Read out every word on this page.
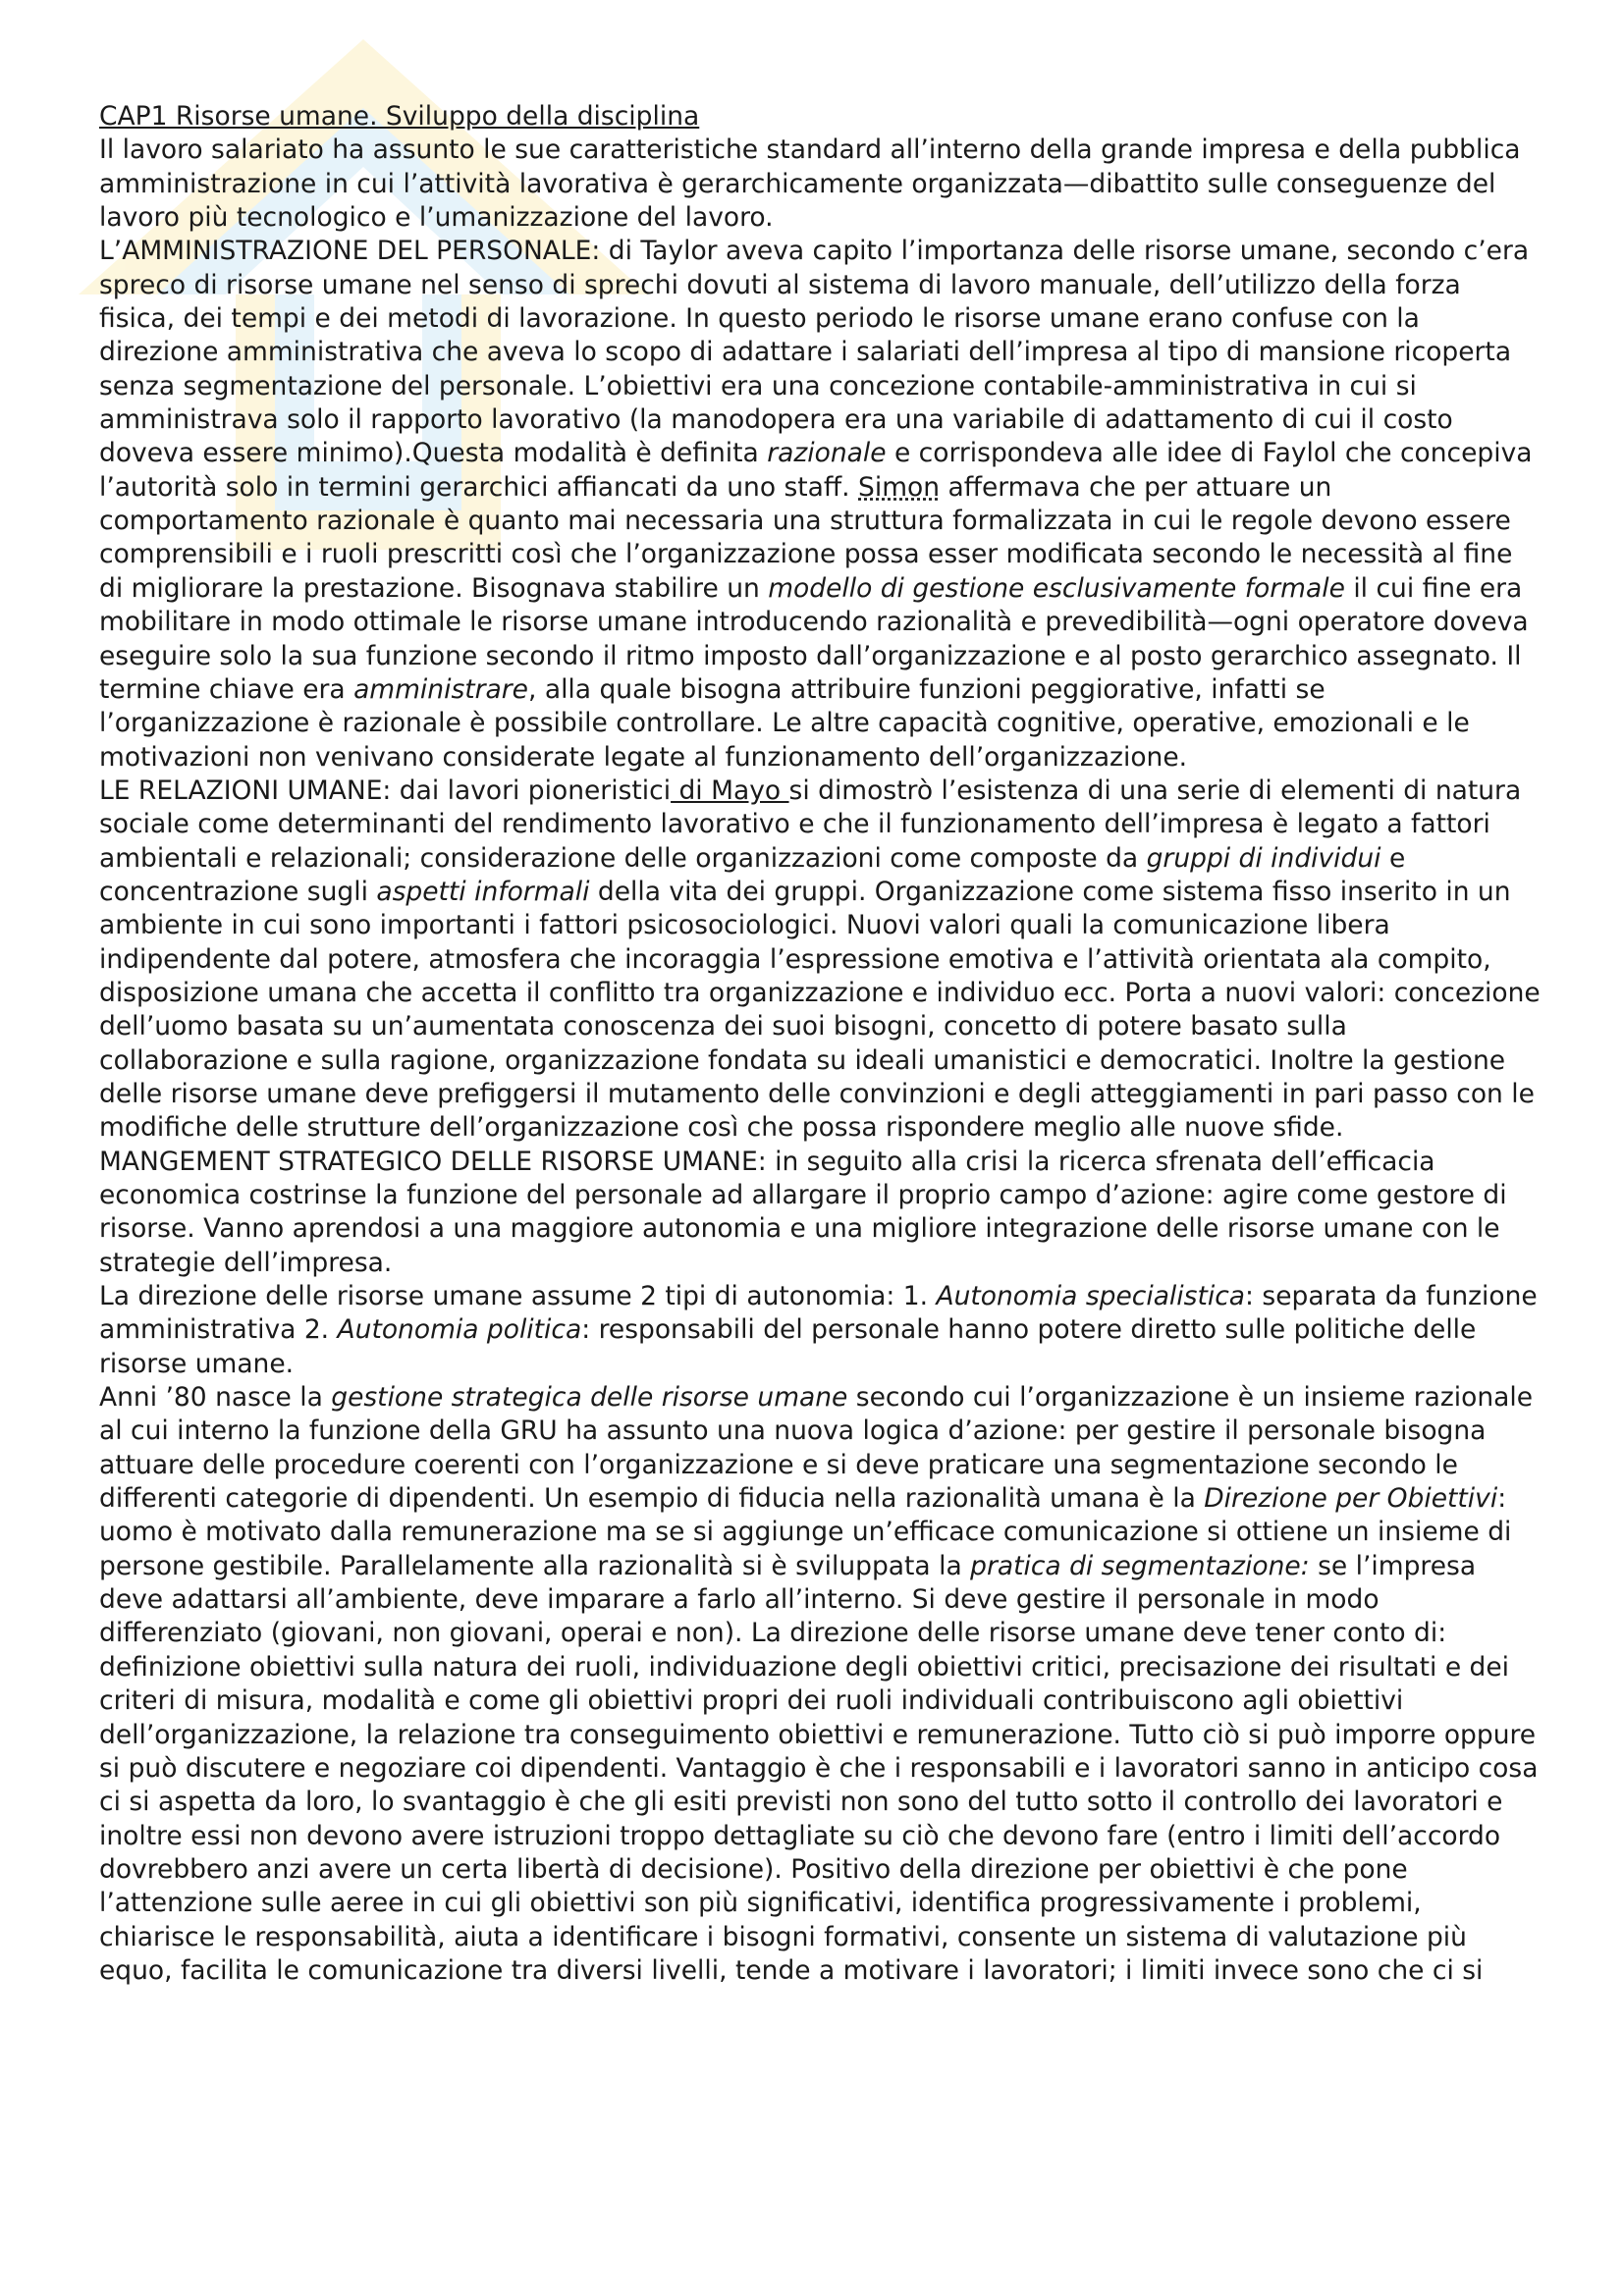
CAP1 Risorse umane. Sviluppo della disciplina

Il lavoro salariato ha assunto le sue caratteristiche standard all’interno della grande impresa e della pubblica amministrazione in cui l’attività lavorativa è gerarchicamente organizzata—dibattito sulle conseguenze del lavoro più tecnologico e l’umanizzazione del lavoro.

L’AMMINISTRAZIONE DEL PERSONALE: di Taylor aveva capito l’importanza delle risorse umane, secondo c’era spreco di risorse umane nel senso di sprechi dovuti al sistema di lavoro manuale, dell’utilizzo della forza fisica, dei tempi e dei metodi di lavorazione. In questo periodo le risorse umane erano confuse con la direzione amministrativa che aveva lo scopo di adattare i salariati dell’impresa al tipo di mansione ricoperta senza segmentazione del personale. L’obiettivi era una concezione contabile-amministrativa in cui si amministrava solo il rapporto lavorativo (la manodopera era una variabile di adattamento di cui il costo doveva essere minimo).Questa modalità è definita razionale e corrispondeva alle idee di Faylol che concepiva l’autorità solo in termini gerarchici affiancati da uno staff. Simon affermava che per attuare un comportamento razionale è quanto mai necessaria una struttura formalizzata in cui le regole devono essere comprensibili e i ruoli prescritti così che l’organizzazione possa esser modificata secondo le necessità al fine di migliorare la prestazione. Bisognava stabilire un modello di gestione esclusivamente formale il cui fine era mobilitare in modo ottimale le risorse umane introducendo razionalità e prevedibilità—ogni operatore doveva eseguire solo la sua funzione secondo il ritmo imposto dall’organizzazione e al posto gerarchico assegnato. Il termine chiave era amministrare, alla quale bisogna attribuire funzioni peggiorative, infatti se l’organizzazione è razionale è possibile controllare. Le altre capacità cognitive, operative, emozionali e le motivazioni non venivano considerate legate al funzionamento dell’organizzazione.

LE RELAZIONI UMANE: dai lavori pioneristici di Mayo si dimostrò l’esistenza di una serie di elementi di natura sociale come determinanti del rendimento lavorativo e che il funzionamento dell’impresa è legato a fattori ambientali e relazionali; considerazione delle organizzazioni come composte da gruppi di individui e concentrazione sugli aspetti informali della vita dei gruppi. Organizzazione come sistema fisso inserito in un ambiente in cui sono importanti i fattori psicosociologici. Nuovi valori quali la comunicazione libera indipendente dal potere, atmosfera che incoraggia l’espressione emotiva e l’attività orientata ala compito, disposizione umana che accetta il conflitto tra organizzazione e individuo ecc. Porta a nuovi valori: concezione dell’uomo basata su un’aumentata conoscenza dei suoi bisogni, concetto di potere basato sulla collaborazione e sulla ragione, organizzazione fondata su ideali umanistici e democratici. Inoltre la gestione delle risorse umane deve prefiggersi il mutamento delle convinzioni e degli atteggiamenti in pari passo con le modifiche delle strutture dell’organizzazione così che possa rispondere meglio alle nuove sfide.

MANGEMENT STRATEGICO DELLE RISORSE UMANE: in seguito alla crisi la ricerca sfrenata dell’efficacia economica costrinse la funzione del personale ad allargare il proprio campo d’azione: agire come gestore di risorse. Vanno aprendosi a una maggiore autonomia e una migliore integrazione delle risorse umane con le strategie dell’impresa.

La direzione delle risorse umane assume 2 tipi di autonomia: 1. Autonomia specialistica: separata da funzione amministrativa 2. Autonomia politica: responsabili del personale hanno potere diretto sulle politiche delle risorse umane.

Anni ’80 nasce la gestione strategica delle risorse umane secondo cui l’organizzazione è un insieme razionale al cui interno la funzione della GRU ha assunto una nuova logica d’azione: per gestire il personale bisogna attuare delle procedure coerenti con l’organizzazione e si deve praticare una segmentazione secondo le differenti categorie di dipendenti. Un esempio di fiducia nella razionalità umana è la Direzione per Obiettivi: uomo è motivato dalla remunerazione ma se si aggiunge un’efficace comunicazione si ottiene un insieme di persone gestibile. Parallelamente alla razionalità si è sviluppata la pratica di segmentazione: se l’impresa deve adattarsi all’ambiente, deve imparare a farlo all’interno. Si deve gestire il personale in modo differenziato (giovani, non giovani, operai e non). La direzione delle risorse umane deve tener conto di: definizione obiettivi sulla natura dei ruoli, individuazione degli obiettivi critici, precisazione dei risultati e dei criteri di misura, modalità e come gli obiettivi propri dei ruoli individuali contribuiscono agli obiettivi dell’organizzazione, la relazione tra conseguimento obiettivi e remunerazione. Tutto ciò si può imporre oppure si può discutere e negoziare coi dipendenti. Vantaggio è che i responsabili e i lavoratori sanno in anticipo cosa ci si aspetta da loro, lo svantaggio è che gli esiti previsti non sono del tutto sotto il controllo dei lavoratori e inoltre essi non devono avere istruzioni troppo dettagliate su ciò che devono fare (entro i limiti dell’accordo dovrebbero anzi avere un certa libertà di decisione). Positivo della direzione per obiettivi è che pone l’attenzione sulle aeree in cui gli obiettivi son più significativi, identifica progressivamente i problemi, chiarisce le responsabilità, aiuta a identificare i bisogni formativi, consente un sistema di valutazione più equo, facilita le comunicazione tra diversi livelli, tende a motivare i lavoratori; i limiti invece sono che ci si
